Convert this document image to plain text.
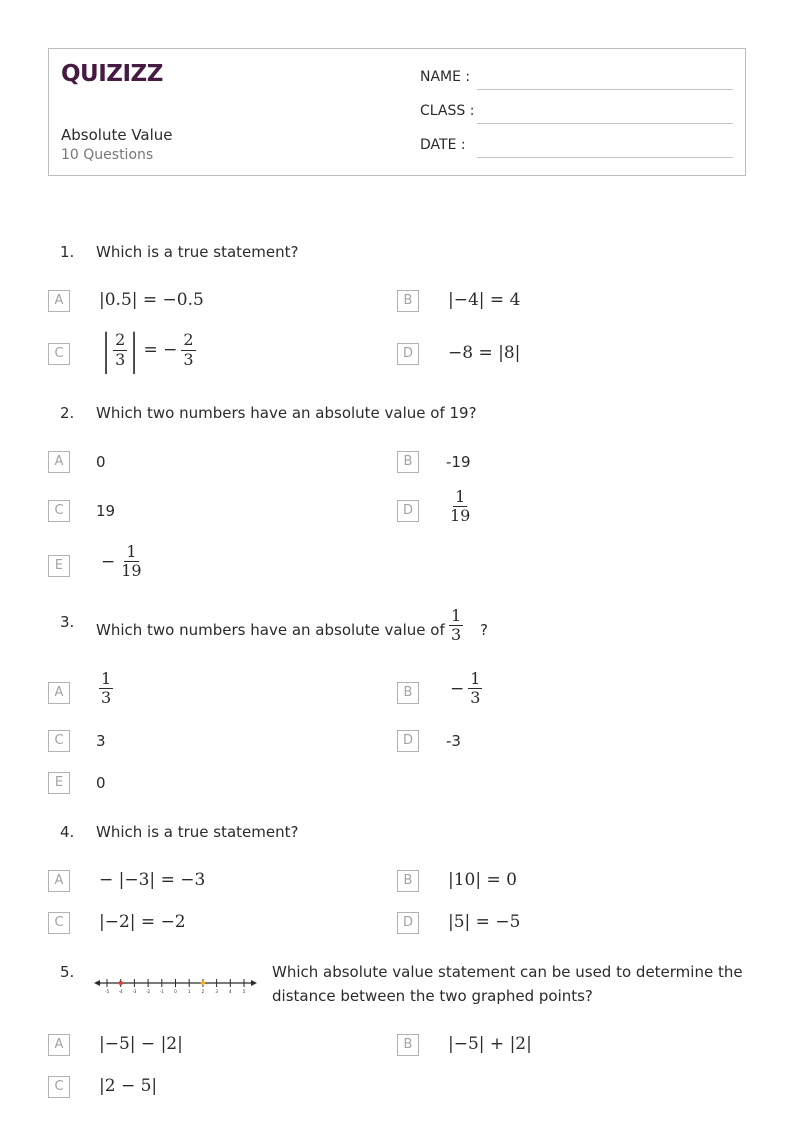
QUIZIZZ
Absolute Value
10 Questions
NAME :
CLASS :
DATE :
1. Which is a true statement?
A	|0.5| = −0.5	B	|−4| = 4
C | $\frac{2}{3}$ | = − $\frac{2}{3}$	D	−8 = |8|
2. Which two numbers have an absolute value of 19?
A	0	B	-19
C	19	D	$\frac{1}{19}$
E	− $\frac{1}{19}$
3. Which two numbers have an absolute value of $\frac{1}{3}$ ?
A	$\frac{1}{3}$	B	− $\frac{1}{3}$
C	3	D	-3
E	0
4. Which is a true statement?
A	− |−3| = −3	B	|10| = 0
C	|−2| = −2	D	|5| = −5
5.
-5 -4 -3 -2 -1	0	1	2	3	4	5
Which absolute value statement can be used to determine the
distance between the two graphed points?
A	|−5| − |2|	B	|−5| + |2|
C	|2 − 5|
